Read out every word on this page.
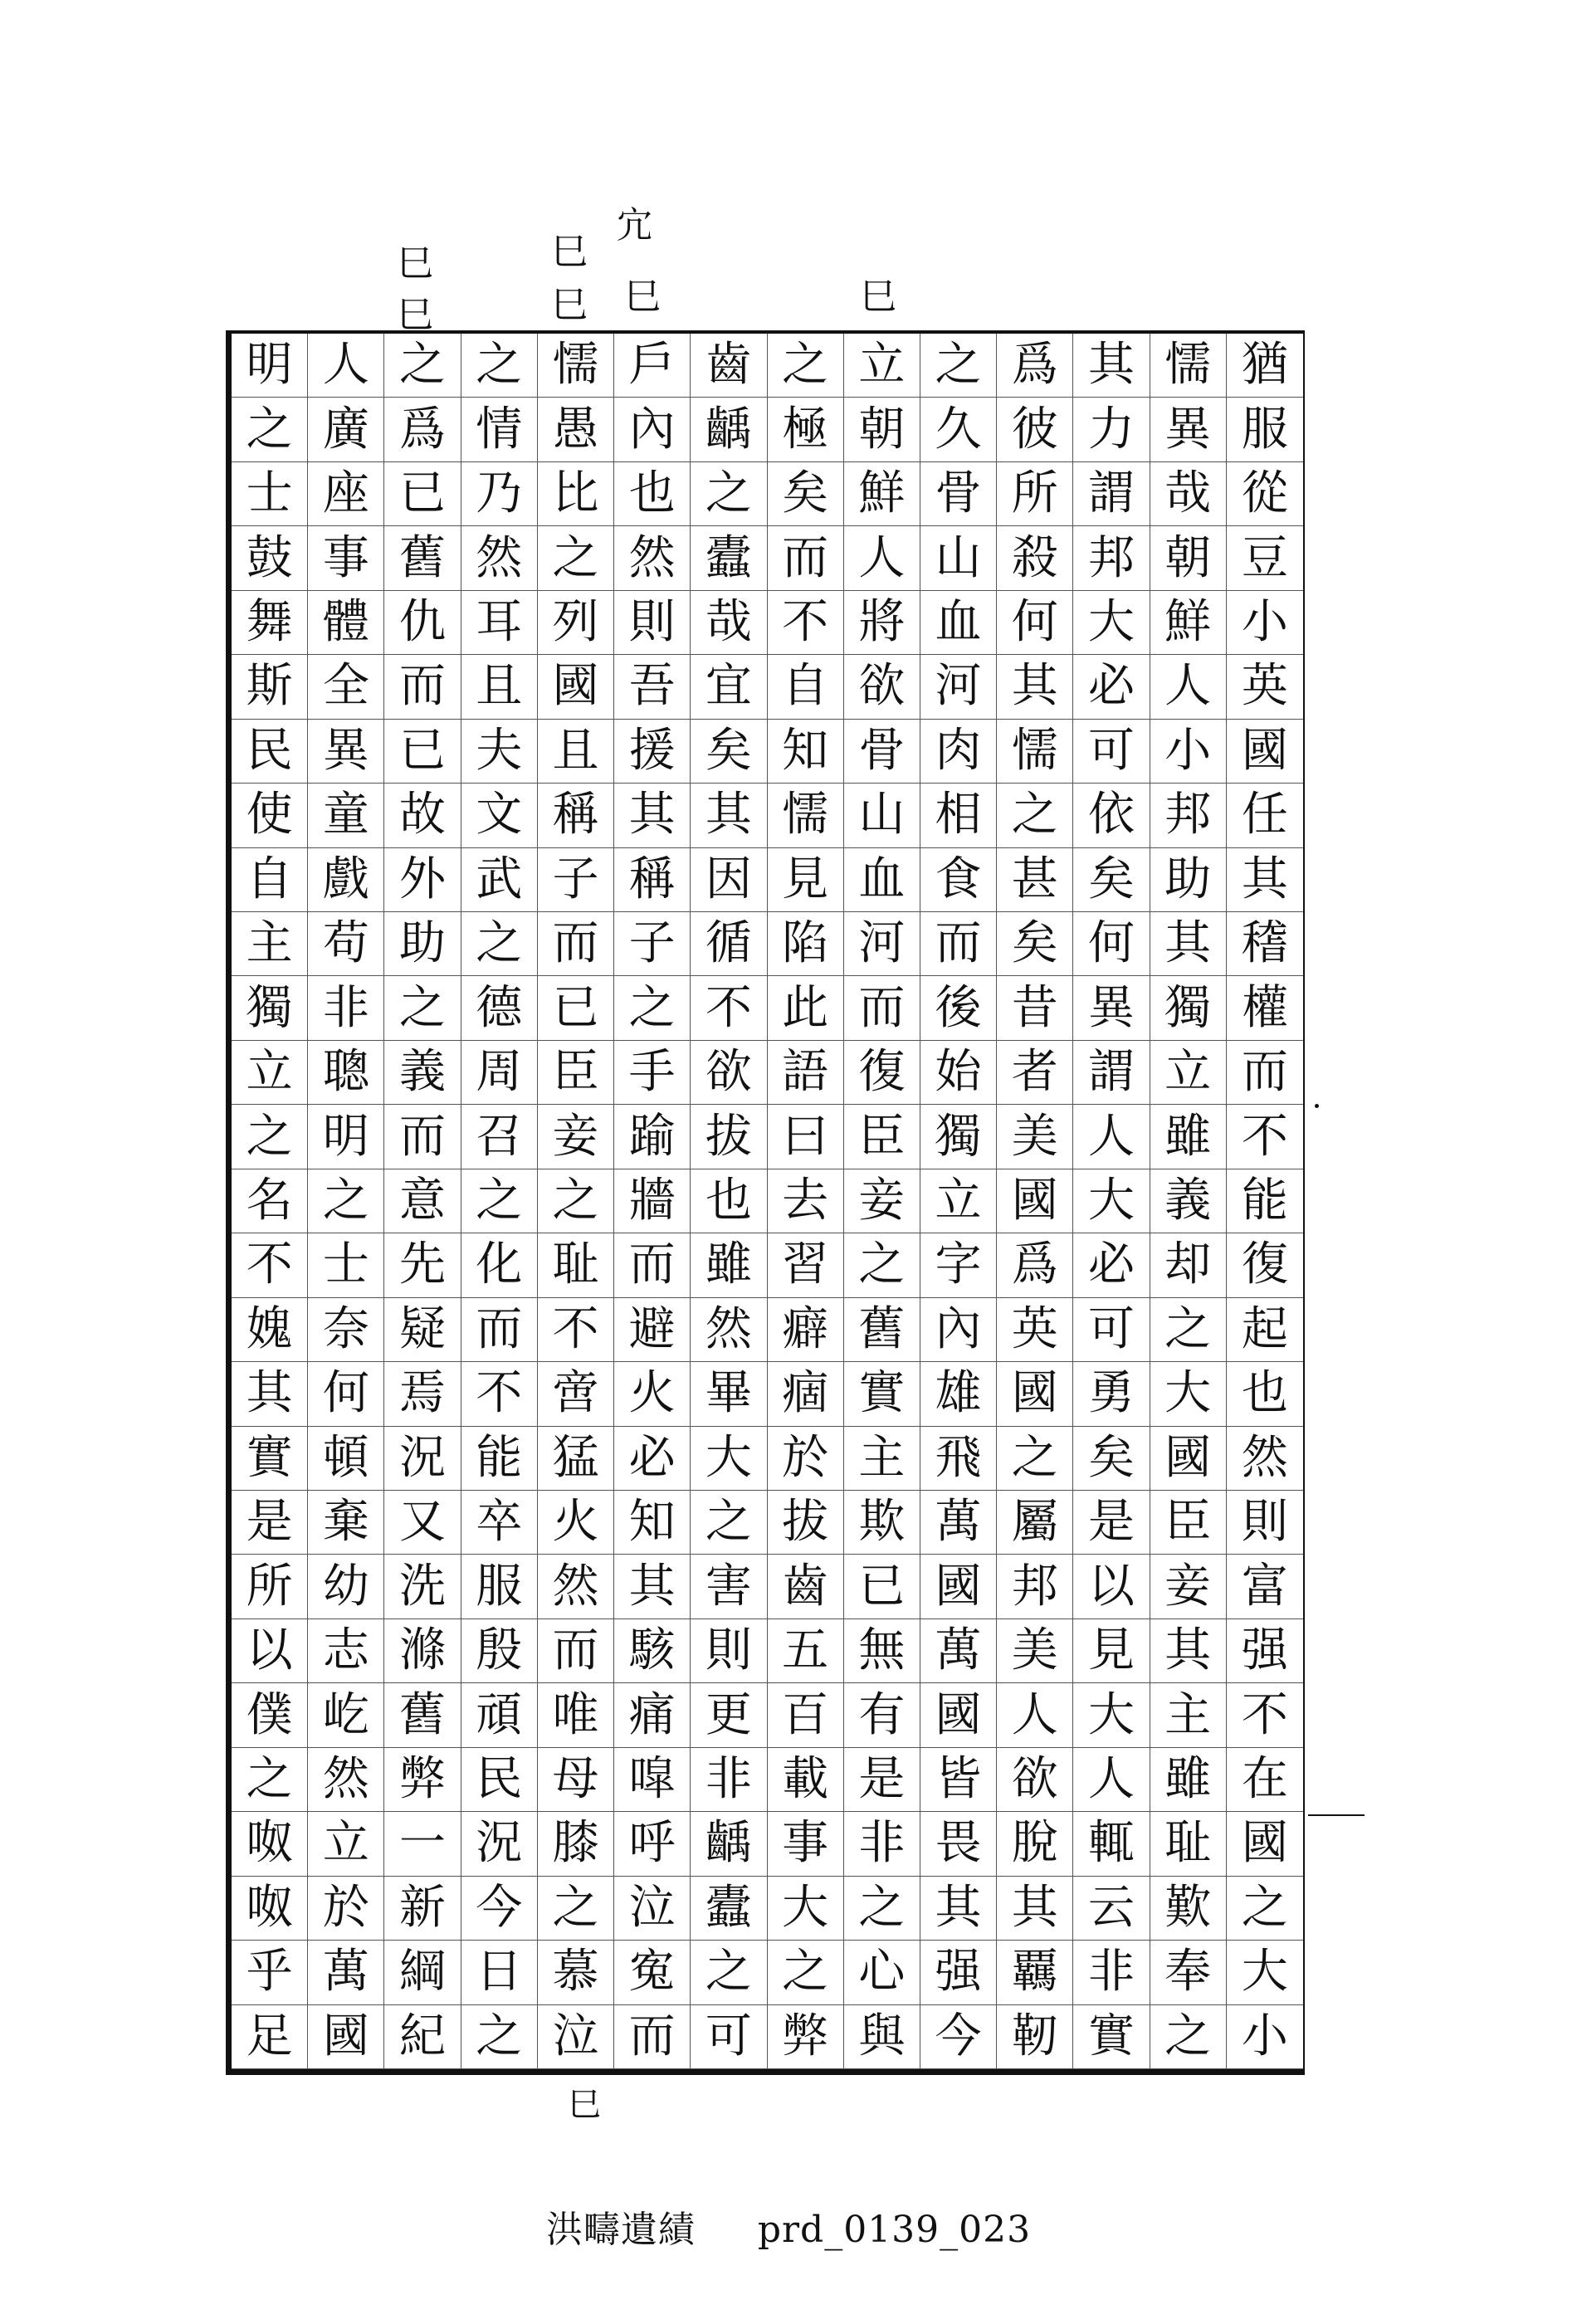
巳
巳
巳
巳
宂
巳	巳
明
之
士
鼓
舞
斯
民
使
自
主
獨
立
之
名
不
媿
其
實
是
所
以
僕
之
呶
呶
乎
足
人
廣
座
事
體
全
異
童
戲
苟
非
聰
明
之
士
奈
何
頓
棄
幼
志
屹
然
立
於
萬
國
之
爲
已
舊
仇
而
已
故
外
助
之
義
而
意
先
疑
焉
況
又
洗
滌
舊
弊
一
新
綱
紀
之
情
乃
然
耳
且
夫
文
武
之
德
周
召
之
化
而
不
能
卒
服
殷
頑
民
況
今
日
之
懦
愚
比
之
列
國
且
稱
子
而
已
臣
妾
之
耻
不
啻
猛
火
然
而
唯
母
膝
之
慕
泣
戶
內
也
然
則
吾
援
其
稱
子
之
手
踰
牆
而
避
火
必
知
其
駭
痛
噑
呼
泣
寃
而
齒
齲
之
蠹
哉
宜
矣
其
因
循
不
欲
拔
也
雖
然
畢
大
之
害
則
更
非
齲
蠹
之
可
之
極
矣
而
不
自
知
懦
見
陷
此
語
曰
去
習
癖
痼
於
拔
齒
五
百
載
事
大
之
弊
立
朝
鮮
人
將
欲
骨
山
血
河
而
復
臣
妾
之
舊
實
主
欺
已
無
有
是
非
之
心
與
之
久
骨
山
血
河
肉
相
食
而
後
始
獨
立
字
內
雄
飛
萬
國
萬
國
皆
畏
其
强
今
爲
彼
所
殺
何
其
懦
之
甚
矣
昔
者
美
國
爲
英
國
之
屬
邦
美
人
欲
脫
其
覊
靭
其
力
謂
邦
大
必
可
依
矣
何
異
謂
人
大
必
可
勇
矣
是
以
見
大
人
輒
云
非
實
懦
異
哉
朝
鮮
人
小
邦
助
其
獨
立
雖
義
却
之
大
國
臣
妾
其
主
雖
耻
歎
奉
之
猶
服
從
豆
小
英
國
任
其
𥡴
權
而
不
能
復
起
也
然
則
富
强
不
在
國
之
大
小
巳
洪疇遺績 prd_0139_023
